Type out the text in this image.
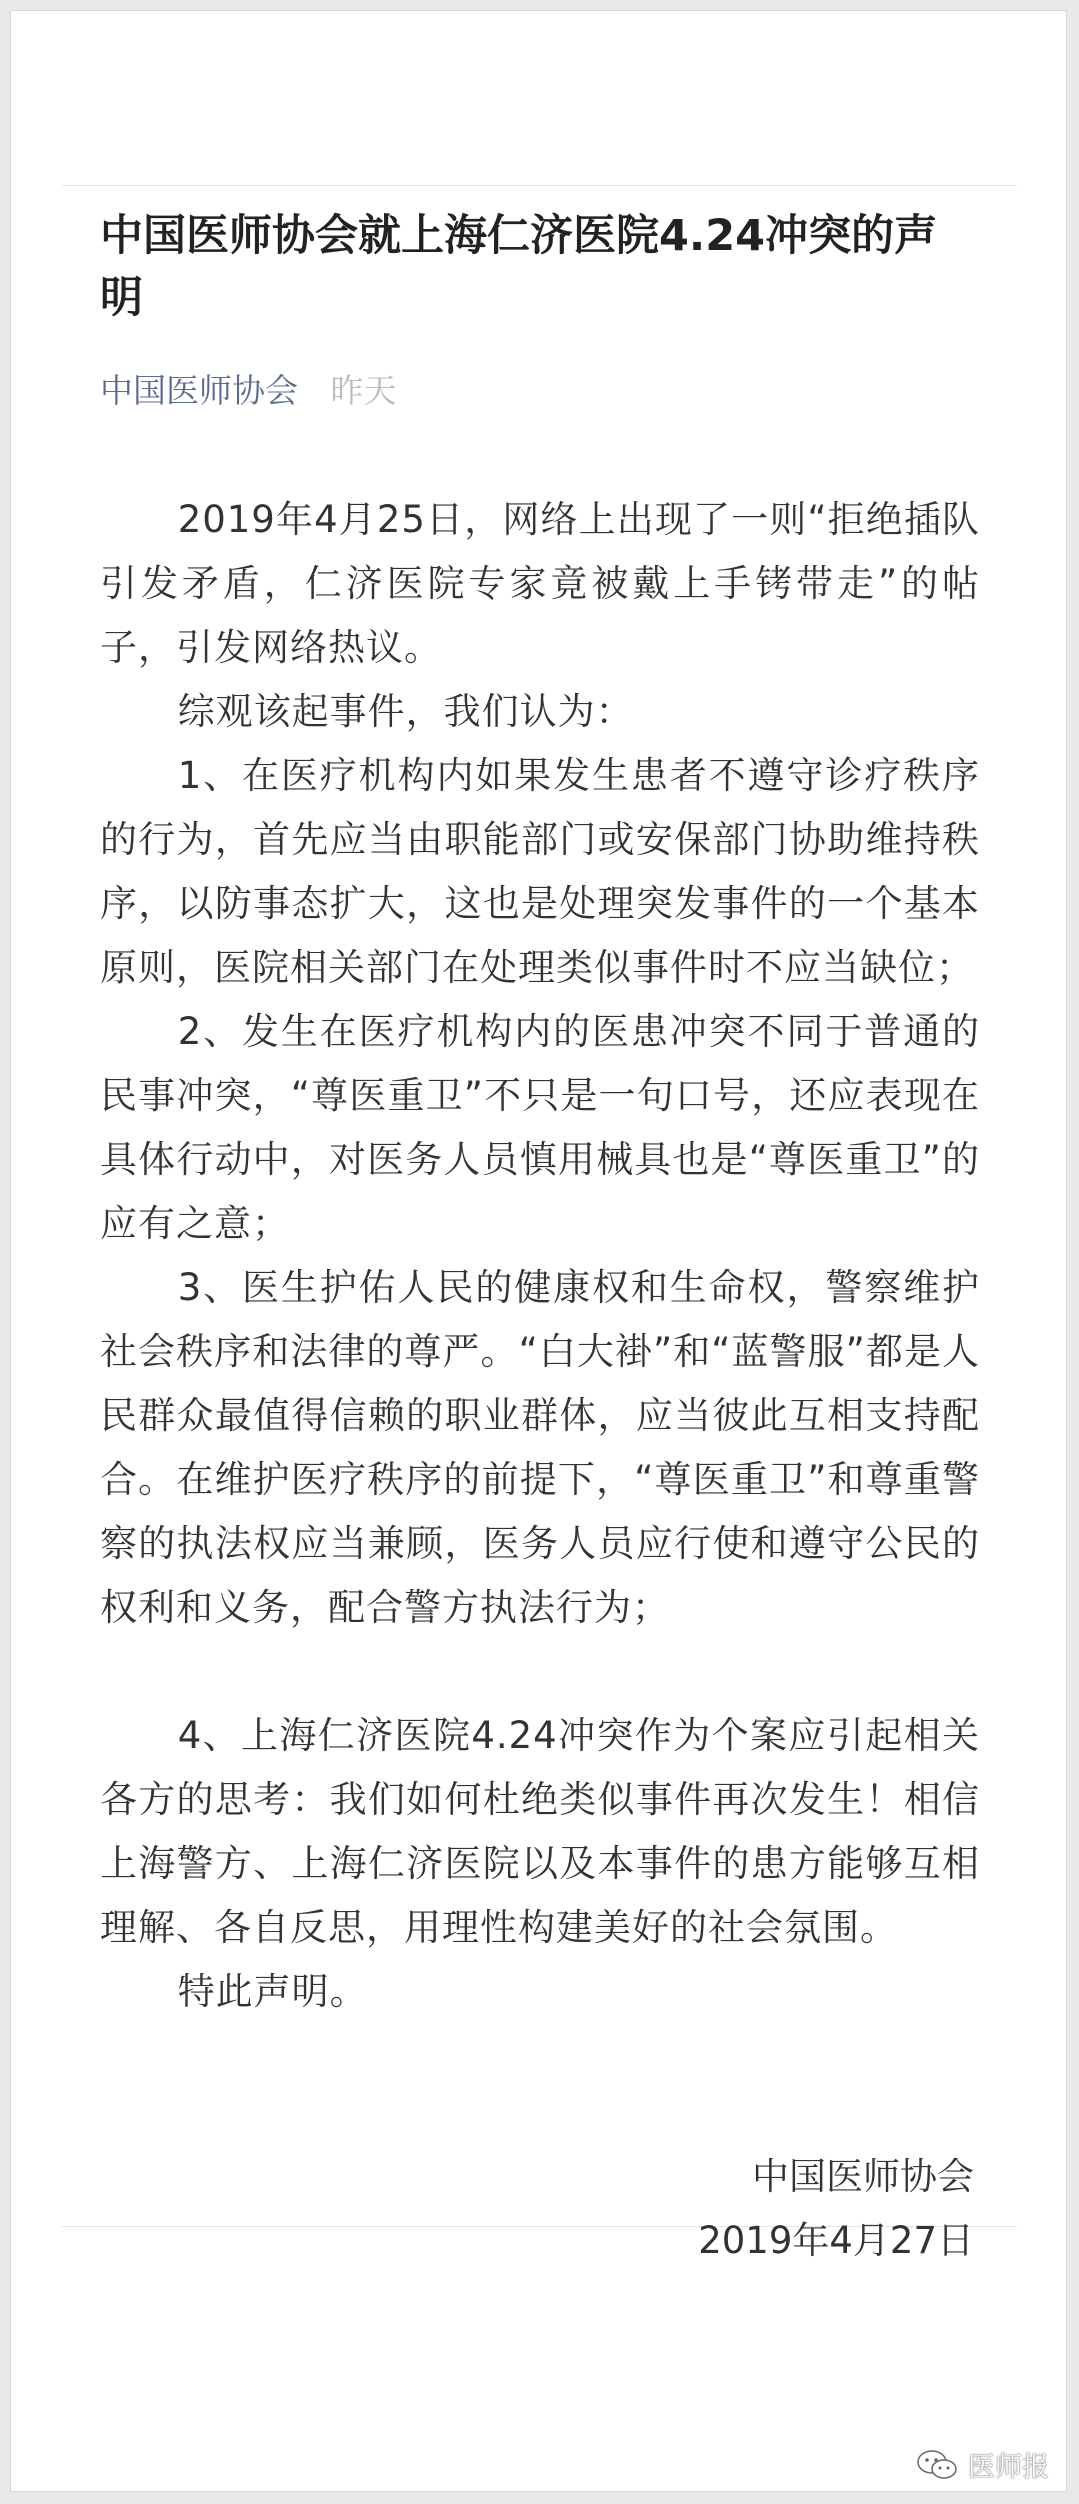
中国医师协会就上海仁济医院4.24冲突的声明
中国医师协会 昨天

2019年4月25日，网络上出现了一则“拒绝插队引发矛盾，仁济医院专家竟被戴上手铐带走”的帖子，引发网络热议。

综观该起事件，我们认为：

1、在医疗机构内如果发生患者不遵守诊疗秩序的行为，首先应当由职能部门或安保部门协助维持秩序，以防事态扩大，这也是处理突发事件的一个基本原则，医院相关部门在处理类似事件时不应当缺位；

2、发生在医疗机构内的医患冲突不同于普通的民事冲突，“尊医重卫”不只是一句口号，还应表现在具体行动中，对医务人员慎用械具也是“尊医重卫”的应有之意；

3、医生护佑人民的健康权和生命权，警察维护社会秩序和法律的尊严。“白大褂”和“蓝警服”都是人民群众最值得信赖的职业群体，应当彼此互相支持配合。在维护医疗秩序的前提下，“尊医重卫”和尊重警察的执法权应当兼顾，医务人员应行使和遵守公民的权利和义务，配合警方执法行为；

4、上海仁济医院4.24冲突作为个案应引起相关各方的思考：我们如何杜绝类似事件再次发生！相信上海警方、上海仁济医院以及本事件的患方能够互相理解、各自反思，用理性构建美好的社会氛围。

特此声明。

中国医师协会
2019年4月27日
医师报
